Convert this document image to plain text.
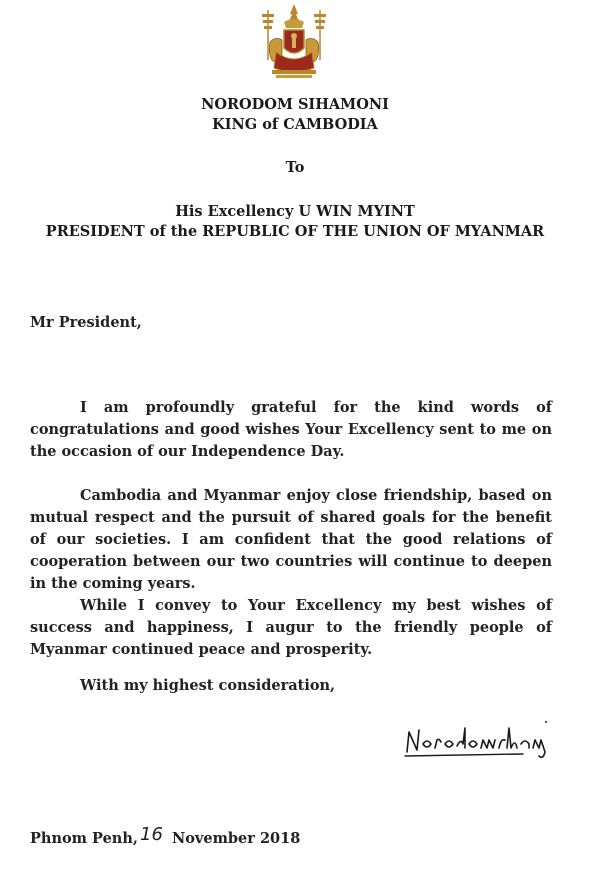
NORODOM SIHAMONI
KING of CAMBODIA
To
His Excellency U WIN MYINT
PRESIDENT of the REPUBLIC OF THE UNION OF MYANMAR
Mr President,
I am profoundly grateful for the kind words of congratulations and good wishes Your Excellency sent to me on the occasion of our Independence Day.
Cambodia and Myanmar enjoy close friendship, based on mutual respect and the pursuit of shared goals for the benefit of our societies. I am confident that the good relations of cooperation between our two countries will continue to deepen in the coming years.
While I convey to Your Excellency my best wishes of success and happiness, I augur to the friendly people of Myanmar continued peace and prosperity.
With my highest consideration,
Phnom Penh, 16 November 2018
